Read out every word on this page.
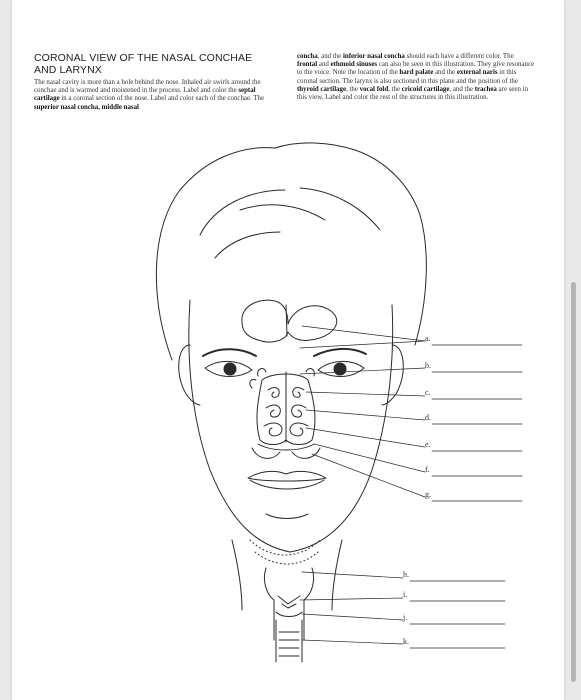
CORONAL VIEW OF THE NASAL CONCHAE AND LARYNX
The nasal cavity is more than a hole behind the nose. Inhaled air swirls around the conchae and is warmed and moistened in the process. Label and color the septal cartilage in a coronal section of the nose. Label and color each of the conchae. The superior nasal concha, middle nasal
concha, and the inferior nasal concha should each have a different color. The frontal and ethmoid sinuses can also be seen in this illustration. They give resonance to the voice. Note the location of the hard palate and the external naris in this coronal section. The larynx is also sectioned in this plane and the position of the thyroid cartilage, the vocal fold, the cricoid cartilage, and the trachea are seen in this view. Label and color the rest of the structures in this illustration.
a.
b.
c.
d.
e.
f.
g.
h.
i.
j.
k.
